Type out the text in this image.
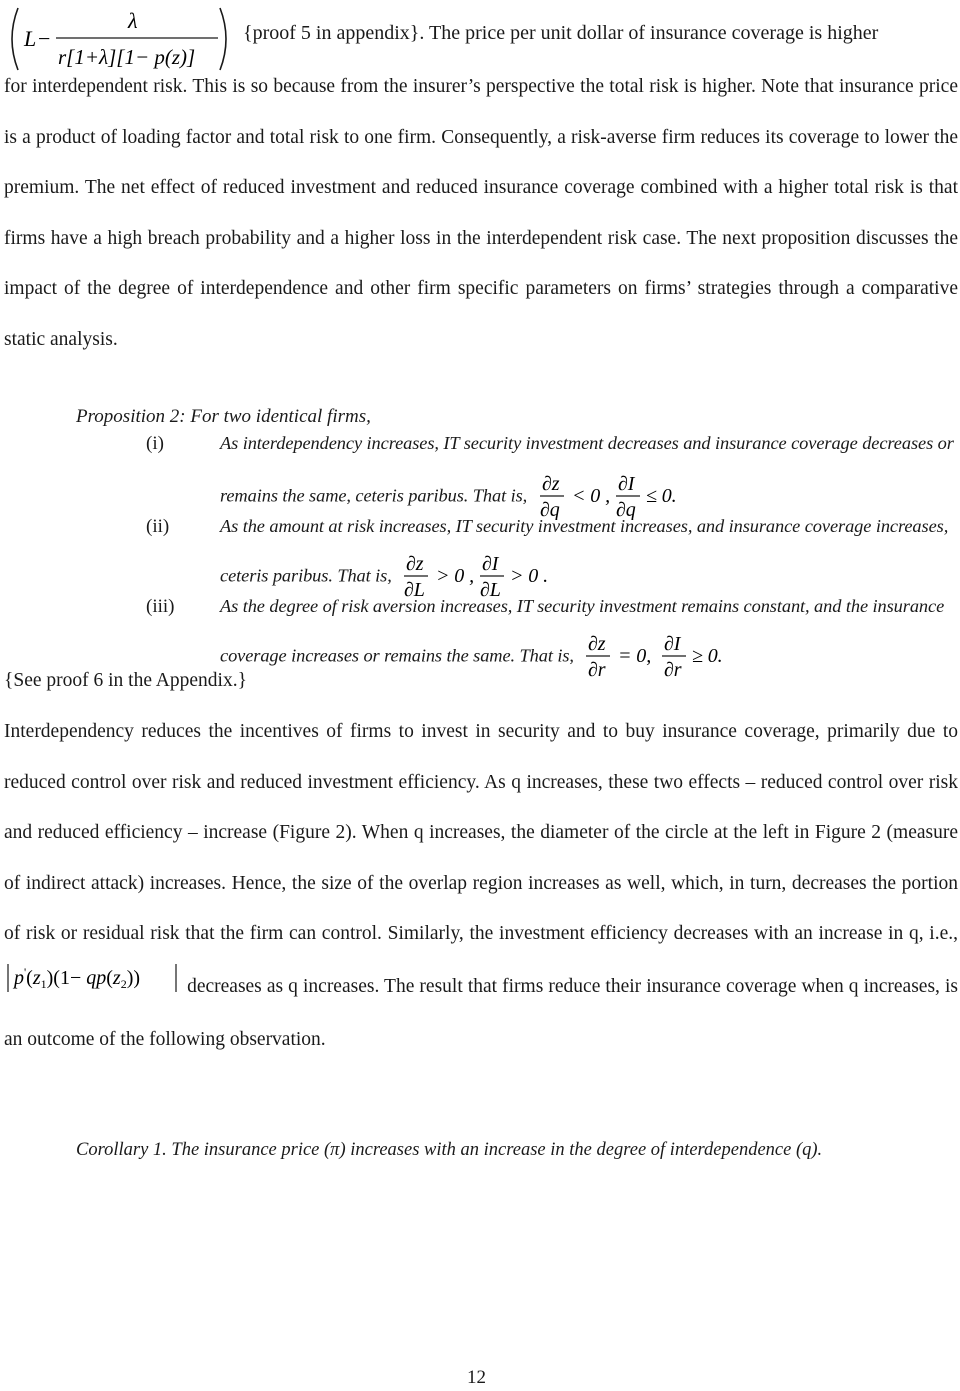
L −
λ
r[1+λ][1− p(z)]
{proof 5 in appendix}. The price per unit dollar of insurance coverage is higher

for interdependent risk. This is so because from the insurer’s perspective the total risk is higher. Note that insurance price is a product of loading factor and total risk to one firm. Consequently, a risk-averse firm reduces its coverage to lower the premium. The net effect of reduced investment and reduced insurance coverage combined with a higher total risk is that firms have a high breach probability and a higher loss in the interdependent risk case. The next proposition discusses the impact of the degree of interdependence and other firm specific parameters on firms’ strategies through a comparative static analysis.

Proposition 2: For two identical firms,
(i)	As interdependency increases, IT security investment decreases and insurance coverage decreases or
remains the same, ceteris paribus. That is,
∂z
∂q
< 0 ,
∂I
∂q
≤ 0.
(ii)	As the amount at risk increases, IT security investment increases, and insurance coverage increases,
ceteris paribus. That is,
∂z
∂L
> 0 ,
∂I
∂L
> 0 .
(iii) As the degree of risk aversion increases, IT security investment remains constant, and the insurance
coverage increases or remains the same. That is,
∂z
∂r
= 0,
∂I
∂r
≥ 0.
{See proof 6 in the Appendix.}

Interdependency reduces the incentives of firms to invest in security and to buy insurance coverage, primarily due to reduced control over risk and reduced investment efficiency. As q increases, these two effects – reduced control over risk and reduced efficiency – increase (Figure 2). When q increases, the diameter of the circle at the left in Figure 2 (measure of indirect attack) increases. Hence, the size of the overlap region increases as well, which, in turn, decreases the portion of risk or residual risk that the firm can control. Similarly, the investment efficiency decreases with an increase in q, i.e.,
$p'(z_1)(1- qp(z_2))$ decreases as q increases. The result that firms reduce their insurance coverage when q increases, is an outcome of the following observation.

Corollary 1. The insurance price (π) increases with an increase in the degree of interdependence (q).
12
